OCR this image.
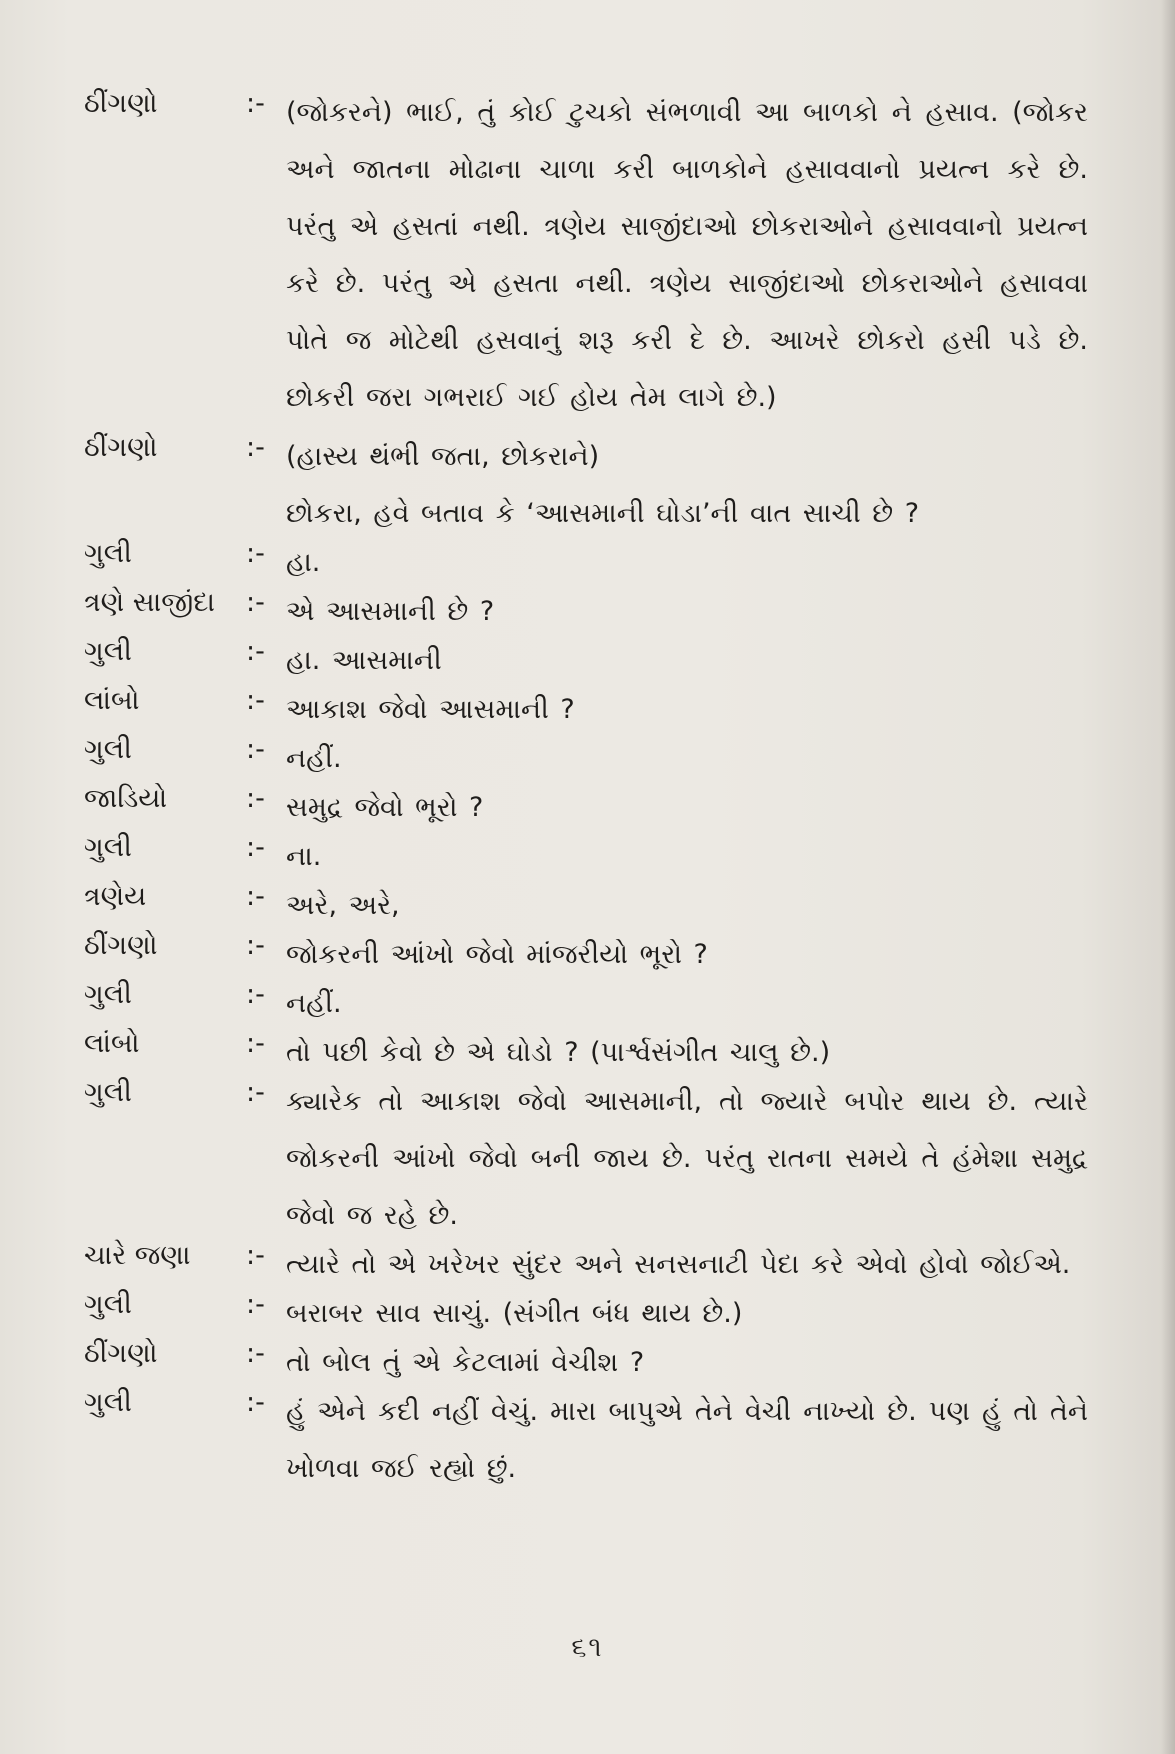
ઠીંગણો	:- (જોકરને) ભાઈ, તું કોઈ ટુચકો સંભળાવી આ બાળકો ને હસાવ. (જોકર અને જાતના મોઢાના ચાળા કરી બાળકોને હસાવવાનો પ્રયત્ન કરે છે. પરંતુ એ હસતાં નથી. ત્રણેય સાજીંદાઓ છોકરાઓને હસાવવાનો પ્રયત્ન કરે છે. પરંતુ એ હસતા નથી. ત્રણેય સાજીંદાઓ છોકરાઓને હસાવવા પોતે જ મોટેથી હસવાનું શરૂ કરી દે છે. આખરે છોકરો હસી પડે છે. છોકરી જરા ગભરાઈ ગઈ હોય તેમ લાગે છે.)
ઠીંગણો	:- (હાસ્ય થંભી જતા, છોકરાને)
છોકરા, હવે બતાવ કે ‘આસમાની ઘોડા’ની વાત સાચી છે ?
ગુલી	:- હા.
ત્રણે સાજીંદા	:- એ આસમાની છે ?
ગુલી	:- હા. આસમાની
લાંબો	:- આકાશ જેવો આસમાની ?
ગુલી	:- નહીં.
જાડિયો	:- સમુદ્ર જેવો ભૂરો ?
ગુલી	:- ના.
ત્રણેય	:- અરે, અરે,
ઠીંગણો	:- જોકરની આંખો જેવો માંજરીયો ભૂરો ?
ગુલી	:- નહીં.
લાંબો	:- તો પછી કેવો છે એ ઘોડો ? (પાર્શ્વસંગીત ચાલુ છે.)
ગુલી	:- ક્યારેક તો આકાશ જેવો આસમાની, તો જ્યારે બપોર થાય છે. ત્યારે જોકરની આંખો જેવો બની જાય છે. પરંતુ રાતના સમયે તે હંમેશા સમુદ્ર જેવો જ રહે છે.
ચારે જણા	:- ત્યારે તો એ ખરેખર સુંદર અને સનસનાટી પેદા કરે એવો હોવો જોઈએ.
ગુલી	:- બરાબર સાવ સાચું. (સંગીત બંધ થાય છે.)
ઠીંગણો	:- તો બોલ તું એ કેટલામાં વેચીશ ?
ગુલી	:- હું એને કદી નહીં વેચું. મારા બાપુએ તેને વેચી નાખ્યો છે. પણ હું તો તેને ખોળવા જઈ રહ્યો છું.
૬૧
